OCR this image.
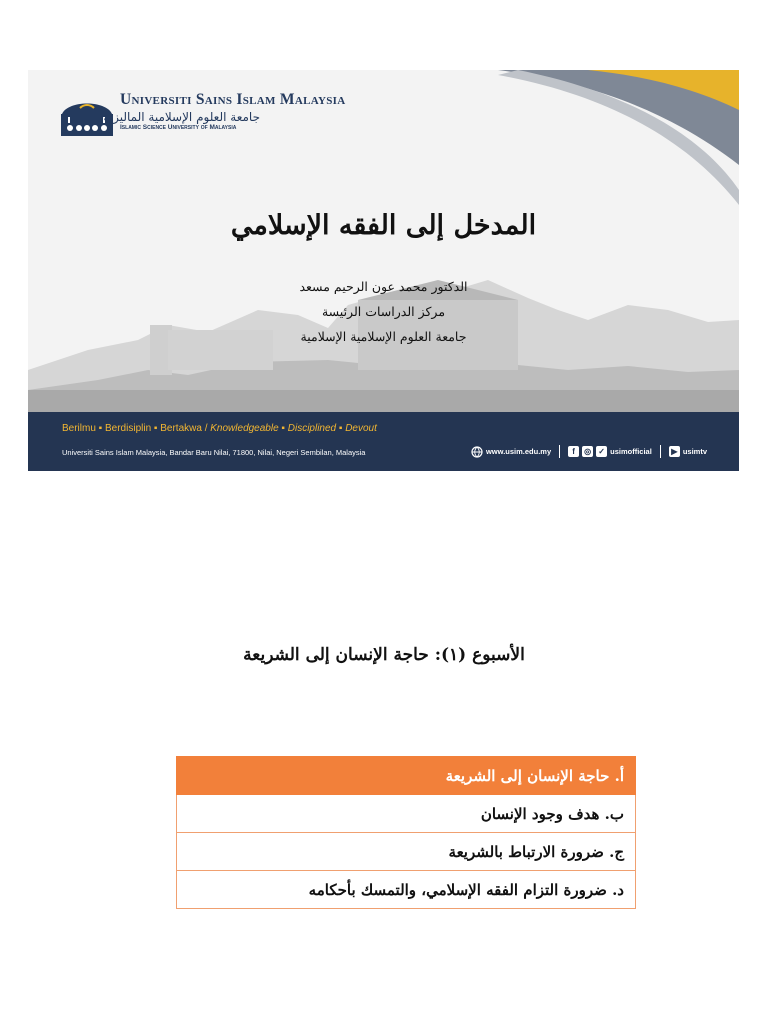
Universiti Sains Islam Malaysia
جامعة العلوم الإسلامية الماليزية
Islamic Science University of Malaysia
المدخل إلى الفقه الإسلامي
الدكتور محمد عون الرحيم مسعد
مركز الدراسات الرئيسة
جامعة العلوم الإسلامية الإسلامية
Berilmu ▪ Berdisiplin ▪ Bertakwa / Knowledgeable ▪ Disciplined ▪ Devout
Universiti Sains Islam Malaysia, Bandar Baru Nilai, 71800, Nilai, Negeri Sembilan, Malaysia	www.usim.edu.my	f	◎ ✓ usimofficial	▶ usimtv
الأسبوع (١): حاجة الإنسان إلى الشريعة
أ. حاجة الإنسان إلى الشريعة
ب. هدف وجود الإنسان
ج. ضرورة الارتباط بالشريعة
د. ضرورة التزام الفقه الإسلامي، والتمسك بأحكامه
